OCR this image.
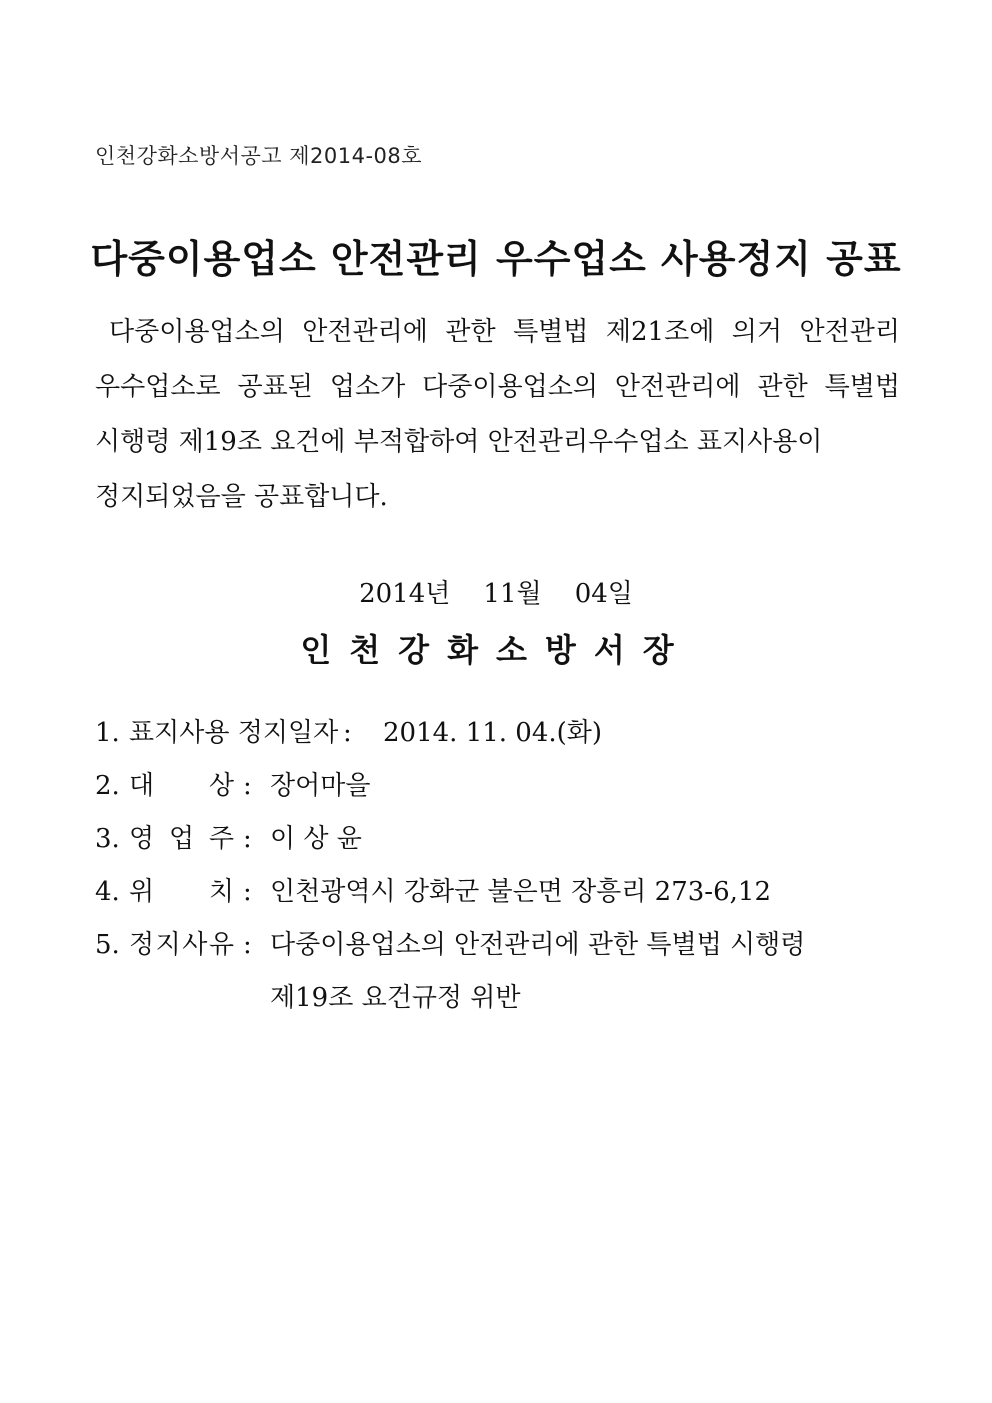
인천강화소방서공고 제2014-08호
다중이용업소 안전관리 우수업소 사용정지 공표
다중이용업소의 안전관리에 관한 특별법 제21조에 의거 안전관리
우수업소로 공표된 업소가 다중이용업소의 안전관리에 관한 특별법
시행령 제19조 요건에 부적합하여 안전관리우수업소 표지사용이
정지되었음을 공표합니다.
2014년    11월    04일
인천강화소방서장
1. 표지사용 정지일자 : 2014. 11. 04.(화)
2. 대 상 : 장어마을
3. 영 업 주 : 이 상 윤
4. 위 치 : 인천광역시 강화군 불은면 장흥리 273-6,12
5. 정 지 사 유 : 다중이용업소의 안전관리에 관한 특별법 시행령
제19조 요건규정 위반
